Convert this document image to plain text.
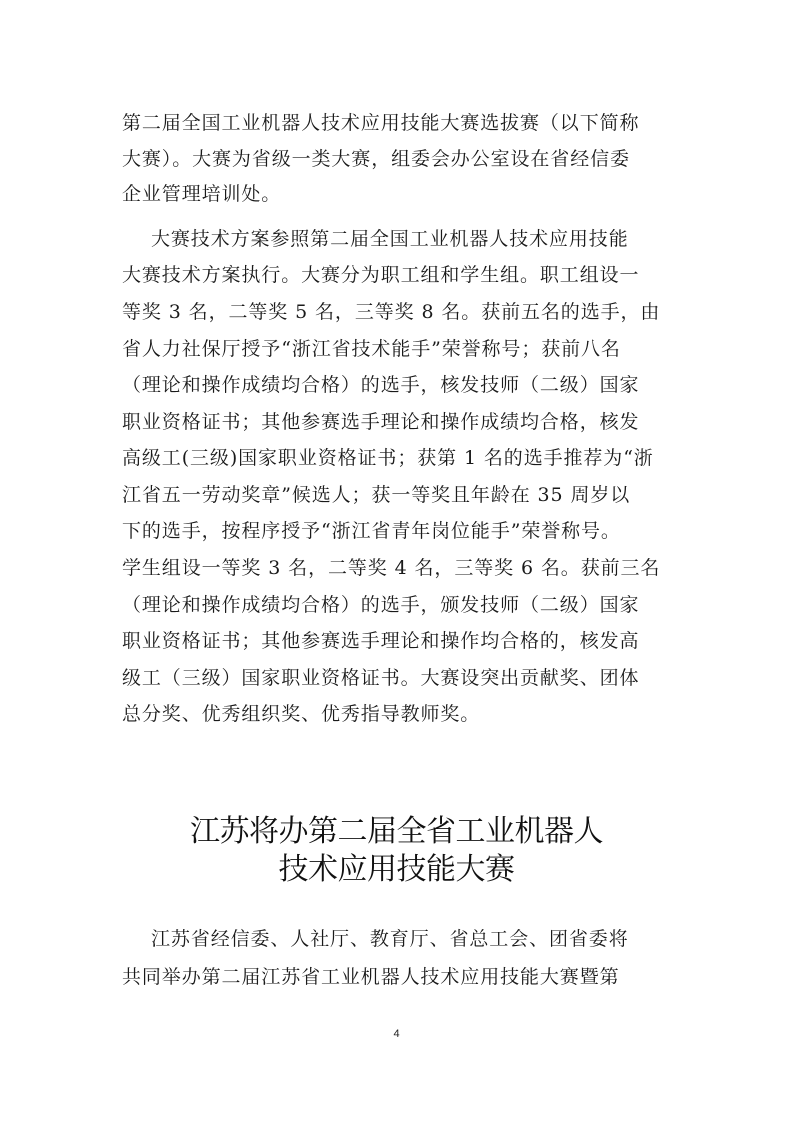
第二届全国工业机器人技术应用技能大赛选拔赛（以下简称
大赛）。大赛为省级一类大赛，组委会办公室设在省经信委
企业管理培训处。
大赛技术方案参照第二届全国工业机器人技术应用技能
大赛技术方案执行。大赛分为职工组和学生组。职工组设一
等奖 3 名，二等奖 5 名，三等奖 8 名。获前五名的选手，由
省人力社保厅授予“浙江省技术能手”荣誉称号；获前八名
（理论和操作成绩均合格）的选手，核发技师（二级）国家
职业资格证书；其他参赛选手理论和操作成绩均合格，核发
高级工(三级)国家职业资格证书；获第 1 名的选手推荐为“浙
江省五一劳动奖章”候选人；获一等奖且年龄在 35 周岁以
下的选手，按程序授予“浙江省青年岗位能手”荣誉称号。
学生组设一等奖 3 名，二等奖 4 名，三等奖 6 名。获前三名
（理论和操作成绩均合格）的选手，颁发技师（二级）国家
职业资格证书；其他参赛选手理论和操作均合格的，核发高
级工（三级）国家职业资格证书。大赛设突出贡献奖、团体
总分奖、优秀组织奖、优秀指导教师奖。
江苏将办第二届全省工业机器人
技术应用技能大赛
江苏省经信委、人社厅、教育厅、省总工会、团省委将
共同举办第二届江苏省工业机器人技术应用技能大赛暨第
4
